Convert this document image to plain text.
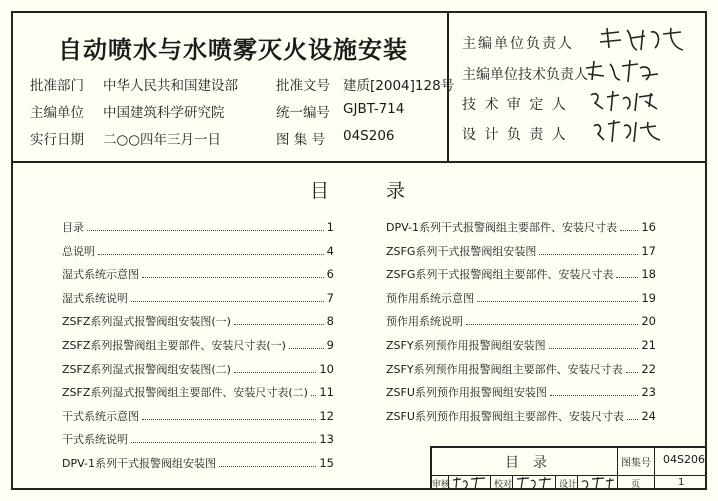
自动喷水与水喷雾灭火设施安装
批准部门 中华人民共和国建设部	批准文号 建质[2004]128号
主编单位 中国建筑科学研究院	统一编号 GJBT-714
实行日期 二○○四年三月一日	图 集 号 04S206
主编单位负责人
主编单位技术负责人
技 术 审 定 人
设 计 负 责 人
目　　　录
目录	1
总说明	4
湿式系统示意图	6
湿式系统说明	7
ZSFZ系列湿式报警阀组安装图(一)	8
ZSFZ系列报警阀组主要部件、安装尺寸表(一)	9
ZSFZ系列湿式报警阀组安装图(二)	10
ZSFZ系列湿式报警阀组主要部件、安装尺寸表(二) 11
干式系统示意图	12
干式系统说明	13
DPV-1系列干式报警阀组安装图	15
DPV-1系列干式报警阀组主要部件、安装尺寸表 16
ZSFG系列干式报警阀组安装图	17
ZSFG系列干式报警阀组主要部件、安装尺寸表 18
预作用系统示意图	19
预作用系统说明	20
ZSFY系列预作用报警阀组安装图	21
ZSFY系列预作用报警阀组主要部件、安装尺寸表 22
ZSFU系列预作用报警阀组安装图	23
ZSFU系列预作用报警阀组主要部件、安装尺寸表 24
目　录	图集号 04S206
审核	校对	设计	页	1
